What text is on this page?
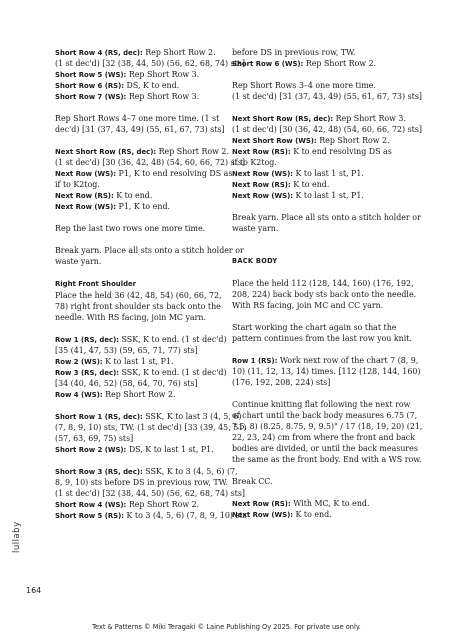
Short Row 4 (RS, dec): Rep Short Row 2.
(1 st dec'd) [32 (38, 44, 50) (56, 62, 68, 74) sts]
Short Row 5 (WS): Rep Short Row 3.
Short Row 6 (RS): DS, K to end.
Short Row 7 (WS): Rep Short Row 3.
Rep Short Rows 4–7 one more time. (1 st
dec'd) [31 (37, 43, 49) (55, 61, 67, 73) sts]
Next Short Row (RS, dec): Rep Short Row 2.
(1 st dec'd) [30 (36, 42, 48) (54, 60, 66, 72) sts]
Next Row (WS): P1, K to end resolving DS as
if to K2tog.
Next Row (RS): K to end.
Next Row (WS): P1, K to end.
Rep the last two rows one more time.
Break yarn. Place all sts onto a stitch holder or
waste yarn.
Right Front Shoulder
Place the held 36 (42, 48, 54) (60, 66, 72,
78) right front shoulder sts back onto the
needle. With RS facing, join MC yarn.
Row 1 (RS, dec): SSK, K to end. (1 st dec'd)
[35 (41, 47, 53) (59, 65, 71, 77) sts]
Row 2 (WS): K to last 1 st, P1.
Row 3 (RS, dec): SSK, K to end. (1 st dec'd)
[34 (40, 46, 52) (58, 64, 70, 76) sts]
Row 4 (WS): Rep Short Row 2.
Short Row 1 (RS, dec): SSK, K to last 3 (4, 5, 6)
(7, 8, 9, 10) sts, TW. (1 st dec'd) [33 (39, 45, 51)
(57, 63, 69, 75) sts]
Short Row 2 (WS): DS, K to last 1 st, P1.
Short Row 3 (RS, dec): SSK, K to 3 (4, 5, 6) (7,
8, 9, 10) sts before DS in previous row, TW.
(1 st dec'd) [32 (38, 44, 50) (56, 62, 68, 74) sts]
Short Row 4 (WS): Rep Short Row 2.
Short Row 5 (RS): K to 3 (4, 5, 6) (7, 8, 9, 10) sts
before DS in previous row, TW.
Short Row 6 (WS): Rep Short Row 2.
Rep Short Rows 3–4 one more time.
(1 st dec'd) [31 (37, 43, 49) (55, 61, 67, 73) sts]
Next Short Row (RS, dec): Rep Short Row 3.
(1 st dec'd) [30 (36, 42, 48) (54, 60, 66, 72) sts]
Next Short Row (WS): Rep Short Row 2.
Next Row (RS): K to end resolving DS as
if to K2tog.
Next Row (WS): K to last 1 st, P1.
Next Row (RS): K to end.
Next Row (WS): K to last 1 st, P1.
Break yarn. Place all sts onto a stitch holder or
waste yarn.
BACK BODY
Place the held 112 (128, 144, 160) (176, 192,
208, 224) back body sts back onto the needle.
With RS facing, join MC and CC yarn.
Start working the chart again so that the
pattern continues from the last row you knit.
Row 1 (RS): Work next row of the chart 7 (8, 9,
10) (11, 12, 13, 14) times. [112 (128, 144, 160)
(176, 192, 208, 224) sts]
Continue knitting flat following the next row
of chart until the back body measures 6.75 (7,
7.5, 8) (8.25, 8.75, 9, 9.5)" / 17 (18, 19, 20) (21,
22, 23, 24) cm from where the front and back
bodies are divided, or until the back measures
the same as the front body. End with a WS row.
Break CC.
Next Row (RS): With MC, K to end.
Next Row (WS): K to end.
lullaby
164
Text & Patterns © Miki Teragaki © Laine Publishing Oy 2025. For private use only.
